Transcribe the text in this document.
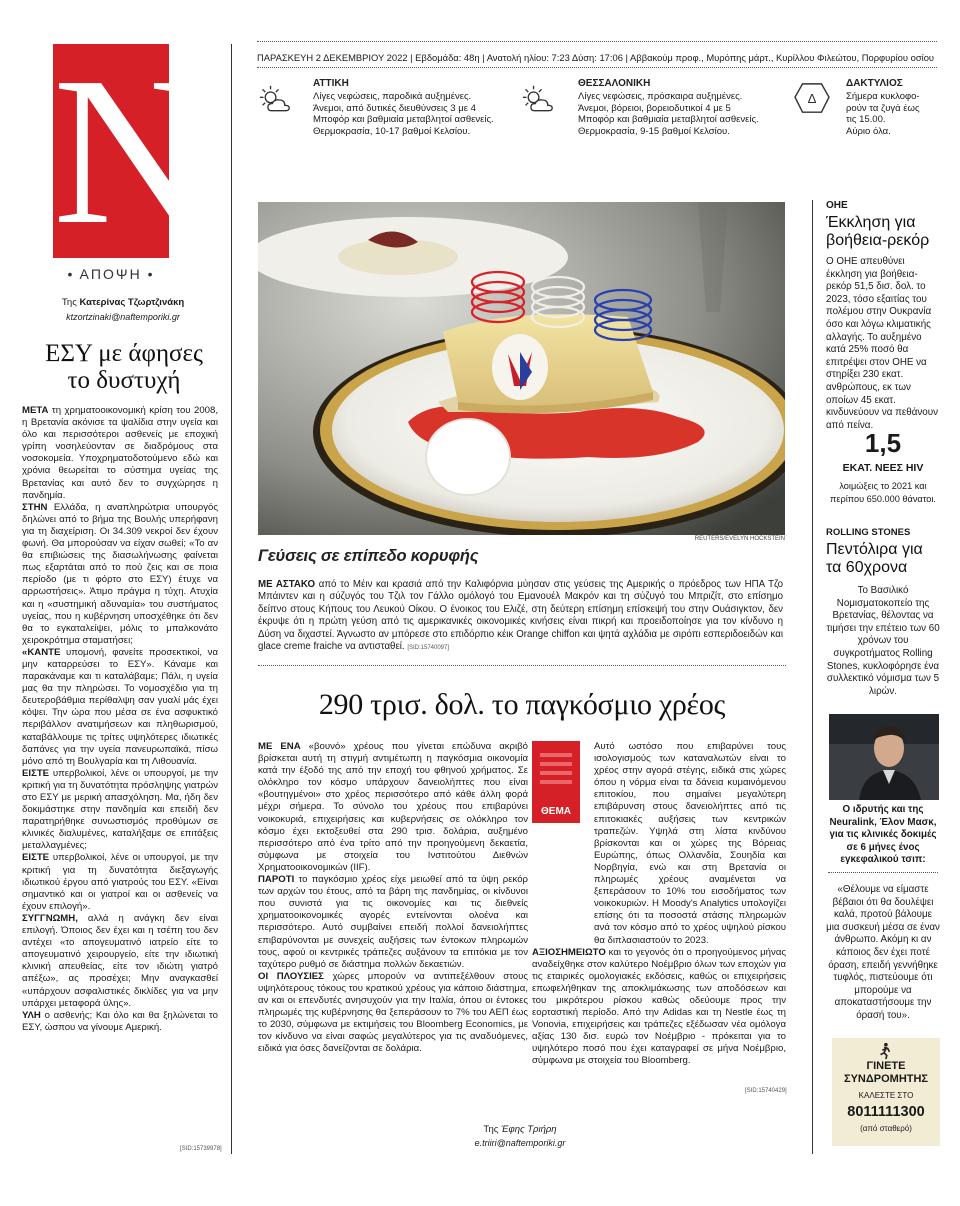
N
• ΑΠΟΨΗ •
Της Κατερίνας Τζωρτζινάκη
ktzortzinaki@naftemporiki.gr
ΕΣΥ με άφησες το δυστυχή

ΜΕΤΑ τη χρηματοοικονομική κρίση του 2008, η Βρετανία ακόνισε τα ψαλίδια στην υγεία και όλο και περισσότεροι ασθενείς με εποχική γρίπη νοσηλεύονταν σε διαδρόμους στα νοσοκομεία. Υποχρηματοδοτούμενο εδώ και χρόνια θεωρείται το σύστημα υγείας της Βρετανίας και αυτό δεν το συγχώρησε η πανδημία.

ΣΤΗΝ Ελλάδα, η αναπληρώτρια υπουργός δηλώνει από το βήμα της Βουλής υπερήφανη για τη διαχείριση. Οι 34.309 νεκροί δεν έχουν φωνή. Θα μπορούσαν να είχαν σωθεί; «Το αν θα επιβιώσεις της διασωλήνωσης φαίνεται πως εξαρτάται από το πού ζεις και σε ποια περίοδο (με τι φόρτο στο ΕΣΥ) έτυχε να αρρωστήσεις». Άτιμο πράγμα η τύχη. Ατυχία και η «συστημική αδυναμία» του συστήματος υγείας, που η κυβέρνηση υποσχέθηκε ότι δεν θα το εγκαταλείψει, μόλις το μπαλκονάτο χειροκρότημα σταματήσει;

«ΚΑΝΤΕ υπομονή, φανείτε προσεκτικοί, να μην καταρρεύσει το ΕΣΥ». Κάναμε και παρακάναμε και τι καταλάβαμε; Πάλι, η υγεία μας θα την πληρώσει. Το νομοσχέδιο για τη δευτεροβάθμια περίθαλψη σαν γυαλί μάς έχει κόψει. Την ώρα που μέσα σε ένα ασφυκτικό περιβάλλον ανατιμήσεων και πληθωρισμού, καταβάλλουμε τις τρίτες υψηλότερες ιδιωτικές δαπάνες για την υγεία πανευρωπαϊκά, πίσω μόνο από τη Βουλγαρία και τη Λιθουανία.

ΕΙΣΤΕ υπερβολικοί, λένε οι υπουργοί, με την κριτική για τη δυνατότητα πρόσληψης γιατρών στο ΕΣΥ με μερική απασχόληση. Μα, ήδη δεν δοκιμάστηκε στην πανδημία και επειδή δεν παρατηρήθηκε συνωστισμός προθύμων σε κλινικές διαλυμένες, καταλήξαμε σε επιτάξεις μεταλλαγμένες;

ΕΙΣΤΕ υπερβολικοί, λένε οι υπουργοί, με την κριτική για τη δυνατότητα διεξαγωγής ιδιωτικού έργου από γιατρούς του ΕΣΥ. «Είναι σημαντικό και οι γιατροί και οι ασθενείς να έχουν επιλογή».

ΣΥΓΓΝΩΜΗ, αλλά η ανάγκη δεν είναι επιλογή. Όποιος δεν έχει και η τσέπη του δεν αντέχει «το απογευματινό ιατρείο είτε το απογευματινό χειρουργείο, είτε την ιδιωτική κλινική απευθείας, είτε τον ιδιώτη γιατρό απέξω», ας προσέχει; Μην αναγκασθεί «υπάρχουν ασφαλιστικές δικλίδες για να μην υπάρχει μεταφορά ύλης».

ΥΛΗ ο ασθενής; Και όλο και θα ξηλώνεται το ΕΣΥ, ώσπου να γίνουμε Αμερική.

[SID:15739978]
ΠΑΡΑΣΚΕΥΗ 2 ΔΕΚΕΜΒΡΙΟΥ 2022 | Εβδομάδα: 48η | Ανατολή ηλίου: 7:23 Δύση: 17:06 | Αββακούμ προφ., Μυρόπης μάρτ., Κυρίλλου Φιλεώτου, Πορφυρίου οσίου
ΑΤΤΙΚΗ
Λίγες νεφώσεις, παροδικά αυξημένες.
Άνεμοι, από δυτικές διευθύνσεις 3 με 4
Μποφόρ και βαθμιαία μεταβλητοί ασθενείς.
Θερμοκρασία, 10-17 βαθμοί Κελσίου.
ΘΕΣΣΑΛΟΝΙΚΗ
Λίγες νεφώσεις, πρόσκαιρα αυξημένες.
Άνεμοι, βόρειοι, βορειοδυτικοί 4 με 5
Μποφόρ και βαθμιαία μεταβλητοί ασθενείς.
Θερμοκρασία, 9-15 βαθμοί Κελσίου.
Δ
ΔΑΚΤΥΛΙΟΣ
Σήμερα κυκλοφο-
ρούν τα ζυγά έως
τις 15.00.
Αύριο όλα.
REUTERS/EVELYN HOCKSTEIN
Γεύσεις σε επίπεδο κορυφής
ΜΕ ΑΣΤΑΚΟ από το Μέιν και κρασιά από την Καλιφόρνια μύησαν στις γεύσεις της Αμερικής ο πρόεδρος των ΗΠΑ Τζο Μπάιντεν και η σύζυγός του Τζιλ τον Γάλλο ομόλογό του Εμανουέλ Μακρόν και τη σύζυγό του Μπριζίτ, στο επίσημο δείπνο στους Κήπους του Λευκού Οίκου. Ο ένοικος του Ελιζέ, στη δεύτερη επίσημη επίσκεψή του στην Ουάσιγκτον, δεν έκρυψε ότι η πρώτη γεύση από τις αμερικανικές οικονομικές κινήσεις είναι πικρή και προειδοποίησε για τον κίνδυνο η Δύση να διχαστεί. Άγνωστο αν μπόρεσε στο επιδόρπιο κέικ Orange chiffon και ψητά αχλάδια με σιρόπι εσπεριδοειδών και glace creme fraiche να αντισταθεί. [SID:15740097]
290 τρισ. δολ. το παγκόσμιο χρέος

ΜΕ ΕΝΑ «βουνό» χρέους που γίνεται επώδυνα ακριβό βρίσκεται αυτή τη στιγμή αντιμέτωπη η παγκόσμια οικονομία κατά την έξοδό της από την εποχή του φθηνού χρήματος. Σε ολόκληρο τον κόσμο υπάρχουν δανειολήπτες που είναι «βουτηγμένοι» στο χρέος περισσότερο από κάθε άλλη φορά μέχρι σήμερα. Το σύνολο του χρέους που επιβαρύνει νοικοκυριά, επιχειρήσεις και κυβερνήσεις σε ολόκληρο τον κόσμο έχει εκτοξευθεί στα 290 τρισ. δολάρια, αυξημένο περισσότερο από ένα τρίτο από την προηγούμενη δεκαετία, σύμφωνα με στοιχεία του Ινστιτούτου Διεθνών Χρηματοοικονομικών (IIF).

ΠΑΡΟΤΙ το παγκόσμιο χρέος είχε μειωθεί από τα ύψη ρεκόρ των αρχών του έτους, από τα βάρη της πανδημίας, οι κίνδυνοι που συνιστά για τις οικονομίες και τις διεθνείς χρηματοοικονομικές αγορές εντείνονται ολοένα και περισσότερο. Αυτό συμβαίνει επειδή πολλοί δανειολήπτες επιβαρύνονται με συνεχείς αυξήσεις των έντοκων πληρωμών τους, αφού οι κεντρικές τράπεζες αυξάνουν τα επιτόκια με τον ταχύτερο ρυθμό σε διάστημα πολλών δεκαετιών.

ΟΙ ΠΛΟΥΣΙΕΣ χώρες μπορούν να αντιπεξέλθουν στους υψηλότερους τόκους του κρατικού χρέους για κάποιο διάστημα, αν και οι επενδυτές ανησυχούν για την Ιταλία, όπου οι έντοκες πληρωμές της κυβέρνησης θα ξεπεράσουν το 7% του ΑΕΠ έως το 2030, σύμφωνα με εκτιμήσεις του Bloomberg Economics, με τον κίνδυνο να είναι σαφώς μεγαλύτερος για τις αναδυόμενες, ειδικά για όσες δανείζονται σε δολάρια.

ΘΕΜΑ

Αυτό ωστόσο που επιβαρύνει τους ισολογισμούς των καταναλωτών είναι το χρέος στην αγορά στέγης, ειδικά στις χώρες όπου η νόρμα είναι τα δάνεια κυμαινόμενου επιτοκίου, που σημαίνει μεγαλύτερη επιβάρυνση στους δανειολήπτες από τις επιτοκιακές αυξήσεις των κεντρικών τραπεζών. Υψηλά στη λίστα κινδύνου βρίσκονται και οι χώρες της Βόρειας Ευρώπης, όπως Ολλανδία, Σουηδία και Νορβηγία, ενώ και στη Βρετανία οι πληρωμές χρέους αναμένεται να ξεπεράσουν το 10% του εισοδήματος των νοικοκυριών. Η Moody's Analytics υπολογίζει επίσης ότι τα ποσοστά στάσης πληρωμών ανά τον κόσμο από το χρέος υψηλού ρίσκου θα διπλασιαστούν το 2023.

ΑΞΙΟΣΗΜΕΙΩΤΟ και το γεγονός ότι ο προηγούμενος μήνας αναδείχθηκε στον καλύτερο Νοέμβριο όλων των εποχών για τις εταιρικές ομολογιακές εκδόσεις, καθώς οι επιχειρήσεις επωφελήθηκαν της αποκλιμάκωσης των αποδόσεων και του μικρότερου ρίσκου καθώς οδεύουμε προς την εορταστική περίοδο. Από την Adidas και τη Nestle έως τη Vonovia, επιχειρήσεις και τράπεζες εξέδωσαν νέα ομόλογα αξίας 130 δισ. ευρώ τον Νοέμβριο - πρόκειται για το υψηλότερο ποσό που έχει καταγραφεί σε μήνα Νοέμβριο, σύμφωνα με στοιχεία του Bloomberg.

[SID:15740429]
Της Έφης Τριήρη
e.triiri@naftemporiki.gr
ΟΗΕ
Έκκληση για βοήθεια-ρεκόρ
Ο ΟΗΕ απευθύνει έκκληση για βοήθεια-ρεκόρ 51,5 δισ. δολ. το 2023, τόσο εξαιτίας του πολέμου στην Ουκρανία όσο και λόγω κλιματικής αλλαγής. Το αυξημένο κατά 25% ποσό θα επιτρέψει στον ΟΗΕ να στηρίξει 230 εκατ. ανθρώπους, εκ των οποίων 45 εκατ. κινδυνεύουν να πεθάνουν από πείνα.
1,5
ΕΚΑΤ. ΝΕΕΣ HIV
λοιμώξεις το 2021 και περίπου 650.000 θάνατοι.
ROLLING STONES
Πεντόλιρα για τα 60χρονα
Το Βασιλικό Νομισματοκοπείο της Βρετανίας, θέλοντας να τιμήσει την επέτειο των 60 χρόνων του συγκροτήματος Rolling Stones, κυκλοφόρησε ένα συλλεκτικό νόμισμα των 5 λιρών.
Ο ιδρυτής και της Neuralink, Έλον Μασκ, για τις κλινικές δοκιμές σε 6 μήνες ένος εγκεφαλικού τσιπ:
«Θέλουμε να είμαστε βέβαιοι ότι θα δουλέψει καλά, προτού βάλουμε μια συσκευή μέσα σε έναν άνθρωπο. Ακόμη κι αν κάποιος δεν έχει ποτέ όραση, επειδή γεννήθηκε τυφλός, πιστεύουμε ότι μπορούμε να αποκαταστήσουμε την όρασή του».
ΓΙΝΕΤΕ
ΣΥΝΔΡΟΜΗΤΗΣ
ΚΑΛΕΣΤΕ ΣΤΟ
8011111300
(από σταθερό)
